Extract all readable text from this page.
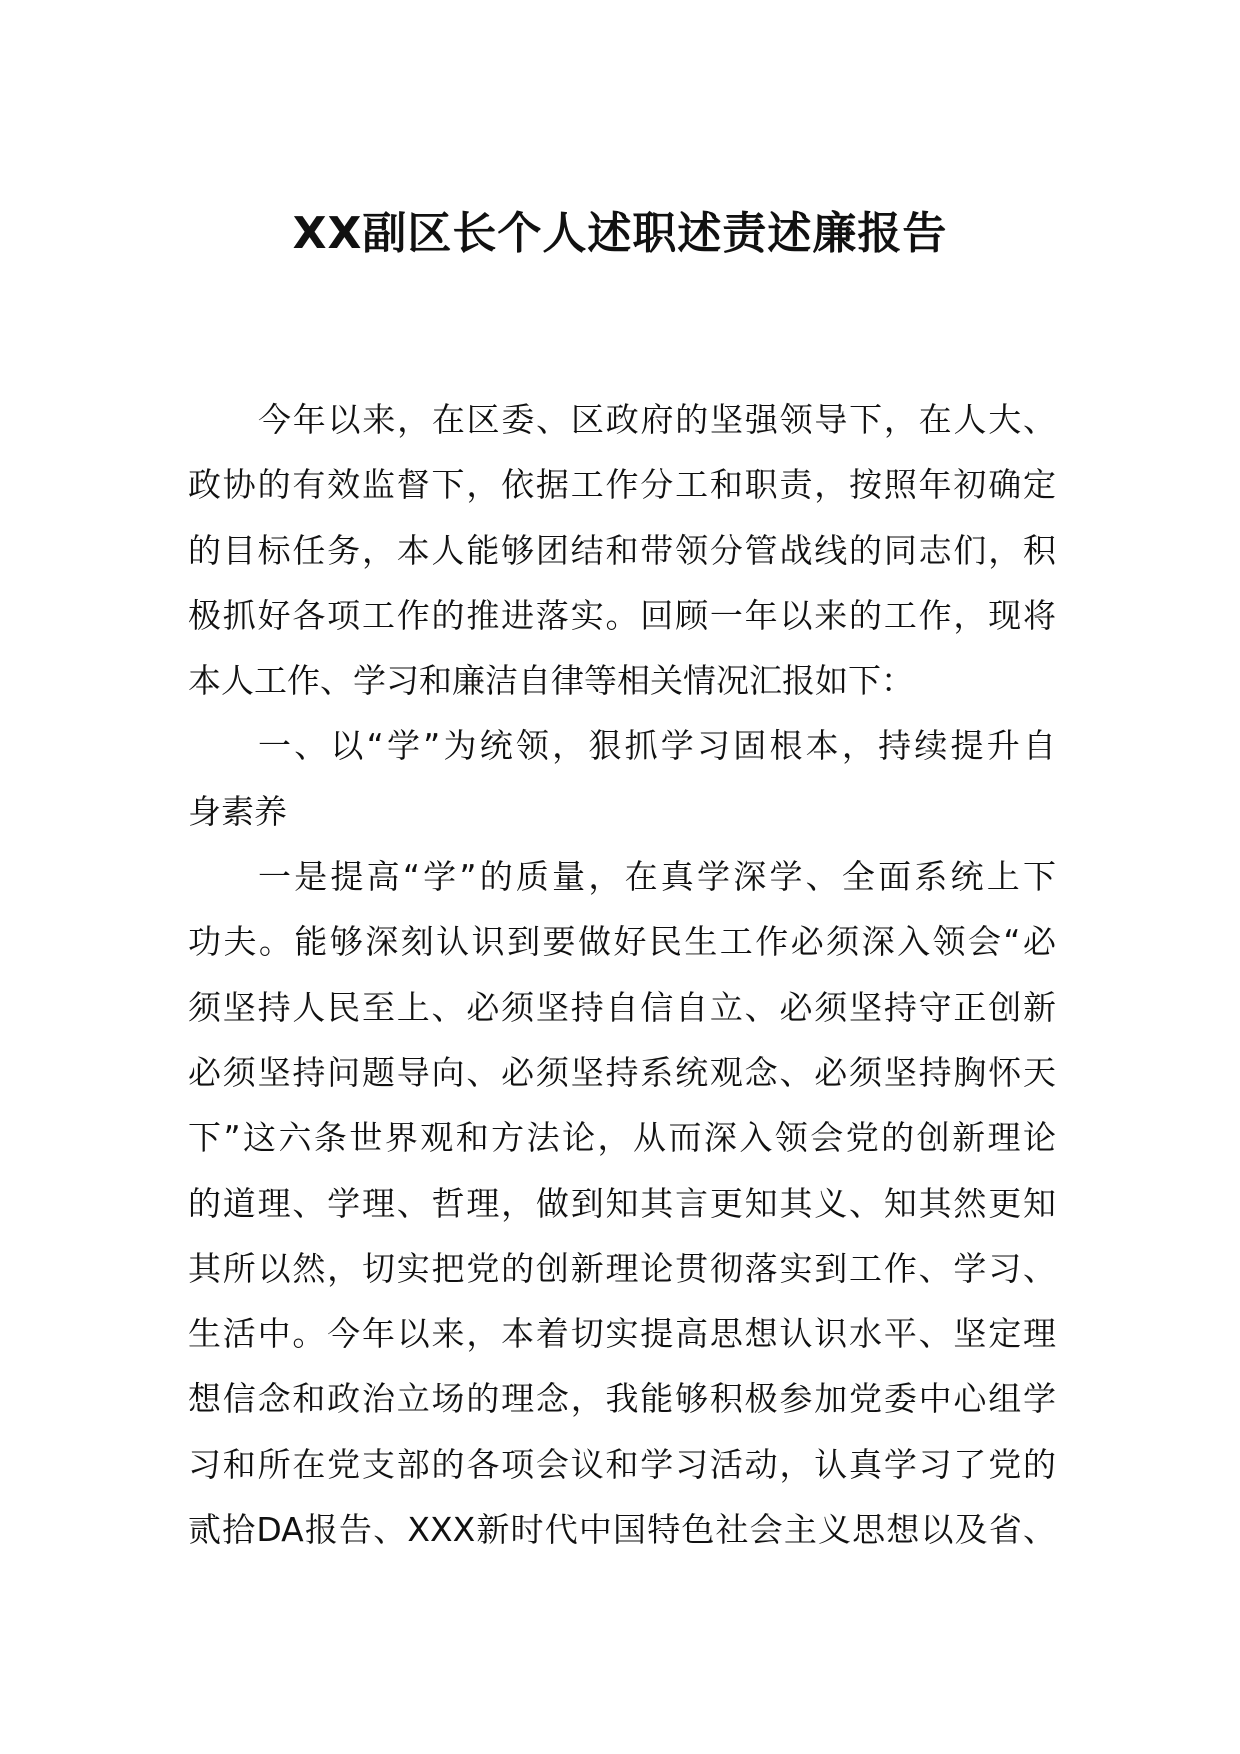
XX副区长个人述职述责述廉报告
今年以来，在区委、区政府的坚强领导下，在人大、
政协的有效监督下，依据工作分工和职责，按照年初确定
的目标任务，本人能够团结和带领分管战线的同志们，积
极抓好各项工作的推进落实。回顾一年以来的工作，现将
本人工作、学习和廉洁自律等相关情况汇报如下：
一、以“学”为统领，狠抓学习固根本，持续提升自
身素养
一是提高“学”的质量，在真学深学、全面系统上下
功夫。能够深刻认识到要做好民生工作必须深入领会“必
须坚持人民至上、必须坚持自信自立、必须坚持守正创新
必须坚持问题导向、必须坚持系统观念、必须坚持胸怀天
下”这六条世界观和方法论，从而深入领会党的创新理论
的道理、学理、哲理，做到知其言更知其义、知其然更知
其所以然，切实把党的创新理论贯彻落实到工作、学习、
生活中。今年以来，本着切实提高思想认识水平、坚定理
想信念和政治立场的理念，我能够积极参加党委中心组学
习和所在党支部的各项会议和学习活动，认真学习了党的
贰拾DA报告、XXX新时代中国特色社会主义思想以及省、
